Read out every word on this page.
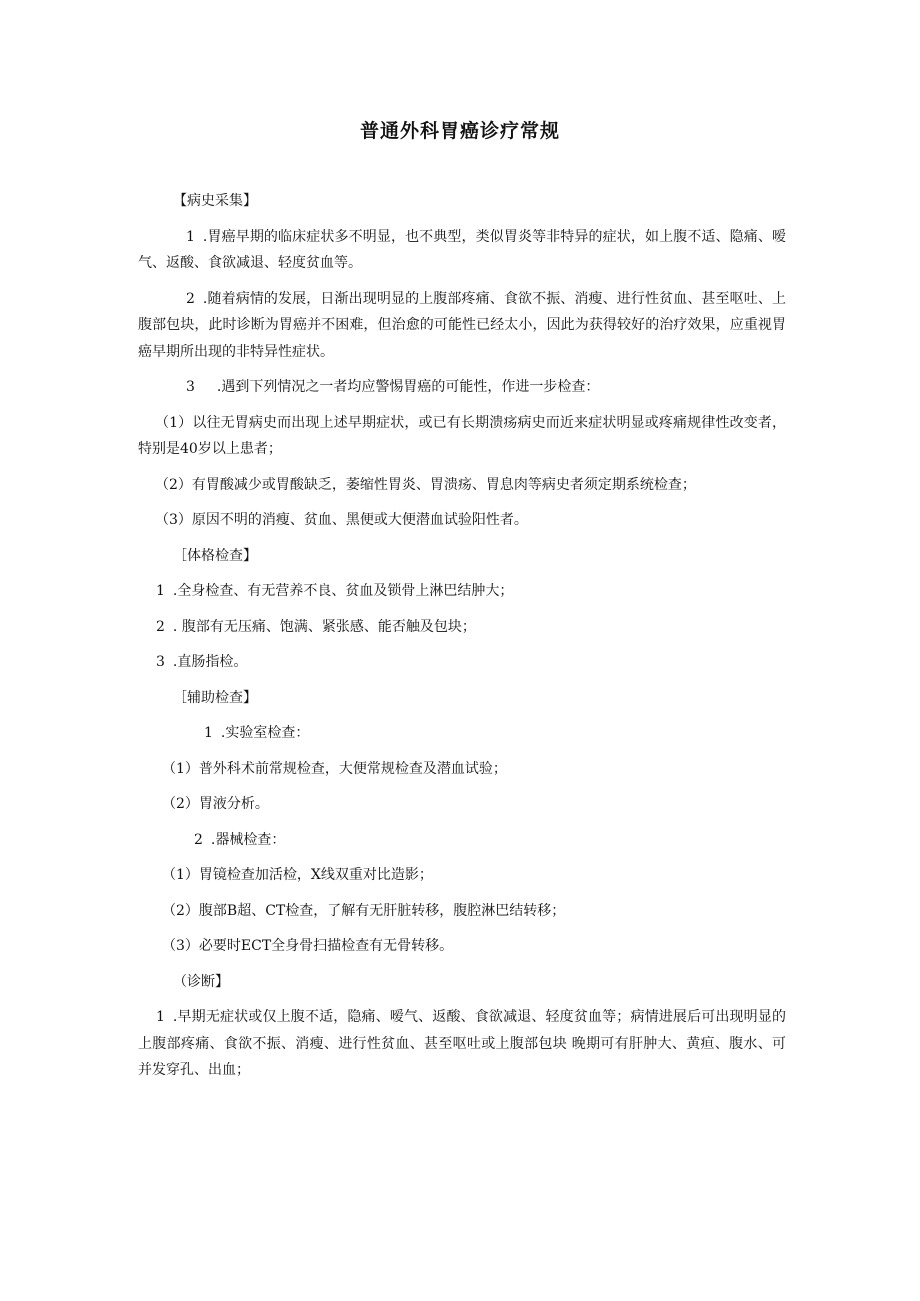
普通外科胃癌诊疗常规
【病史采集】
1 .胃癌早期的临床症状多不明显，也不典型，类似胃炎等非特异的症状，如上腹不适、隐痛、嗳气、返酸、食欲减退、轻度贫血等。
2 .随着病情的发展，日渐出现明显的上腹部疼痛、食欲不振、消瘦、进行性贫血、甚至呕吐、上腹部包块，此时诊断为胃癌并不困难，但治愈的可能性已经太小，因此为获得较好的治疗效果，应重视胃癌早期所出现的非特异性症状。
3 .遇到下列情况之一者均应警惕胃癌的可能性，作进一步检查：
（1）以往无胃病史而出现上述早期症状，或已有长期溃疡病史而近来症状明显或疼痛规律性改变者，特别是40岁以上患者；
（2）有胃酸减少或胃酸缺乏，萎缩性胃炎、胃溃疡、胃息肉等病史者须定期系统检查；
（3）原因不明的消瘦、贫血、黑便或大便潜血试验阳性者。
［体格检查】
1 .全身检查、有无营养不良、贫血及锁骨上淋巴结肿大；
2 . 腹部有无压痛、饱满、紧张感、能否触及包块；
3 .直肠指检。
［辅助检查】
1 .实验室检查：
（1）普外科术前常规检查，大便常规检查及潜血试验；
（2）胃液分析。
2 .器械检查：
（1）胃镜检查加活检，X线双重对比造影；
（2）腹部B超、CT检查，了解有无肝脏转移，腹腔淋巴结转移；
（3）必要时ECT全身骨扫描检查有无骨转移。
（诊断】
1 .早期无症状或仅上腹不适，隐痛、嗳气、返酸、食欲减退、轻度贫血等；病情进展后可出现明显的上腹部疼痛、食欲不振、消瘦、进行性贫血、甚至呕吐或上腹部包块 晚期可有肝肿大、黄疸、腹水、可并发穿孔、出血；
